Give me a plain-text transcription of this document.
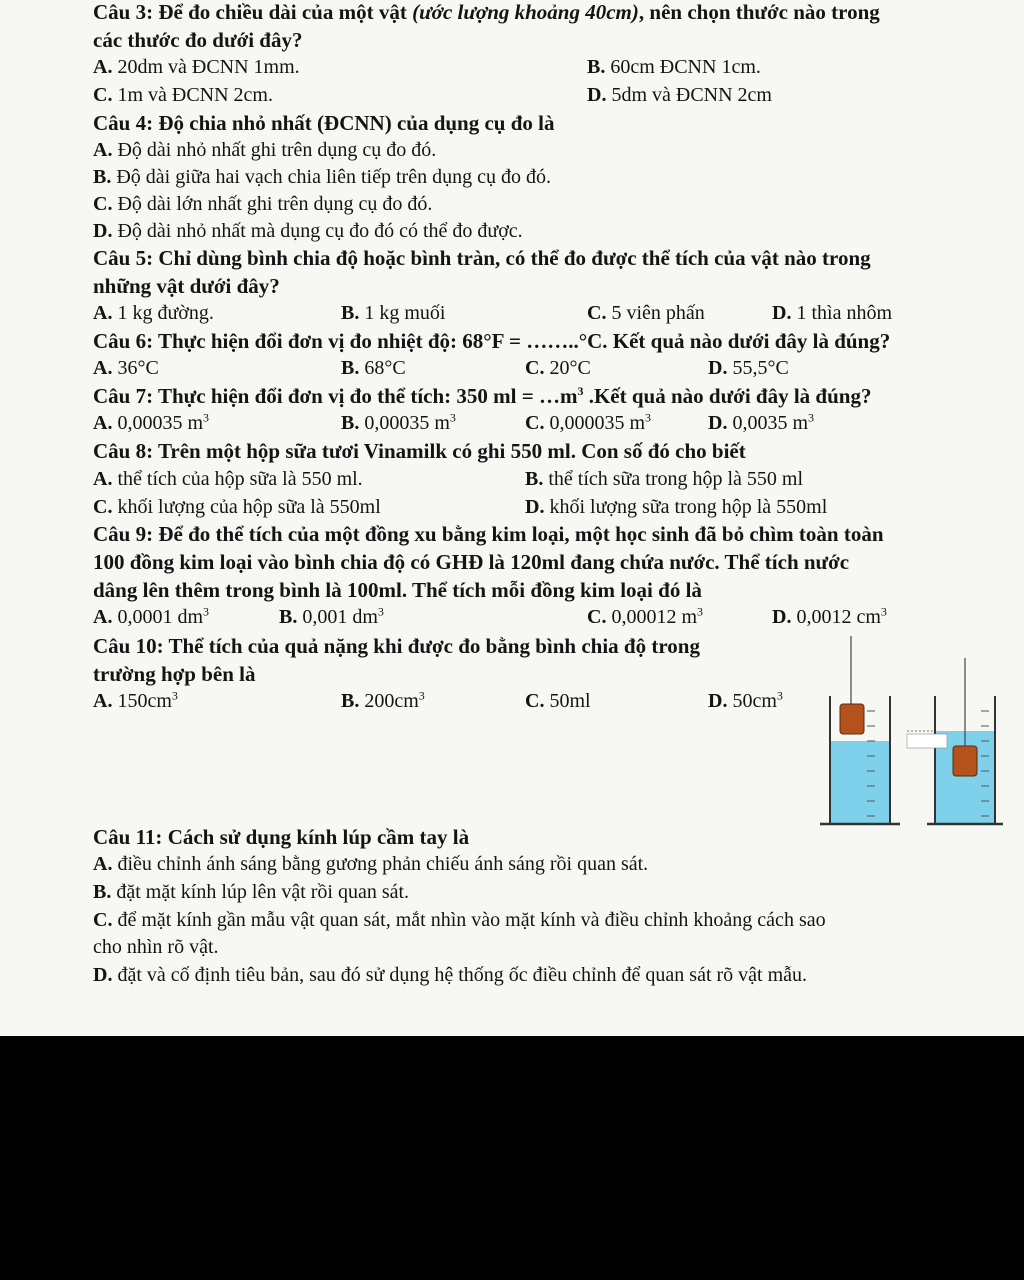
Câu 3: Để đo chiều dài của một vật (ước lượng khoảng 40cm), nên chọn thước nào trong
các thước đo dưới đây?
A. 20dm và ĐCNN 1mm.	B. 60cm ĐCNN 1cm.
C. 1m và ĐCNN 2cm.	D. 5dm và ĐCNN 2cm
Câu 4: Độ chia nhỏ nhất (ĐCNN) của dụng cụ đo là
A. Độ dài nhỏ nhất ghi trên dụng cụ đo đó.
B. Độ dài giữa hai vạch chia liên tiếp trên dụng cụ đo đó.
C. Độ dài lớn nhất ghi trên dụng cụ đo đó.
D. Độ dài nhỏ nhất mà dụng cụ đo đó có thể đo được.
Câu 5: Chỉ dùng bình chia độ hoặc bình tràn, có thể đo được thể tích của vật nào trong
những vật dưới đây?
A. 1 kg đường.	B. 1 kg muối	C. 5 viên phấn	D. 1 thìa nhôm
Câu 6: Thực hiện đổi đơn vị đo nhiệt độ: 68°F = ……..°C. Kết quả nào dưới đây là đúng?
A. 36°C	B. 68°C	C. 20°C	D. 55,5°C
Câu 7: Thực hiện đổi đơn vị đo thể tích: 350 ml = $\dots m^3$ .Kết quả nào dưới đây là đúng?
A. 0,00035 $m^3$	B. 0,00035 $m^3$	C. 0,000035 $m^3$	D. 0,0035 $m^3$
Câu 8: Trên một hộp sữa tươi Vinamilk có ghi 550 ml. Con số đó cho biết
A. thể tích của hộp sữa là 550 ml.	B. thể tích sữa trong hộp là 550 ml
C. khối lượng của hộp sữa là 550ml	D. khối lượng sữa trong hộp là 550ml
Câu 9: Để đo thể tích của một đồng xu bằng kim loại, một học sinh đã bỏ chìm toàn toàn
100 đồng kim loại vào bình chia độ có GHĐ là 120ml đang chứa nước. Thể tích nước
dâng lên thêm trong bình là 100ml. Thể tích mỗi đồng kim loại đó là
A. 0,0001 $dm^3$	B. 0,001 $dm^3$	C. 0,00012 $m^3$	D. 0,0012 $cm^3$
Câu 10: Thể tích của quả nặng khi được đo bằng bình chia độ trong
trường hợp bên là
A. $150cm^3$	B. $200cm^3$	C. 50ml	D. $50cm^3$
Câu 11: Cách sử dụng kính lúp cầm tay là
A. điều chỉnh ánh sáng bằng gương phản chiếu ánh sáng rồi quan sát.
B. đặt mặt kính lúp lên vật rồi quan sát.
C. để mặt kính gần mẫu vật quan sát, mắt nhìn vào mặt kính và điều chỉnh khoảng cách sao
cho nhìn rõ vật.
D. đặt và cố định tiêu bản, sau đó sử dụng hệ thống ốc điều chỉnh để quan sát rõ vật mẫu.
